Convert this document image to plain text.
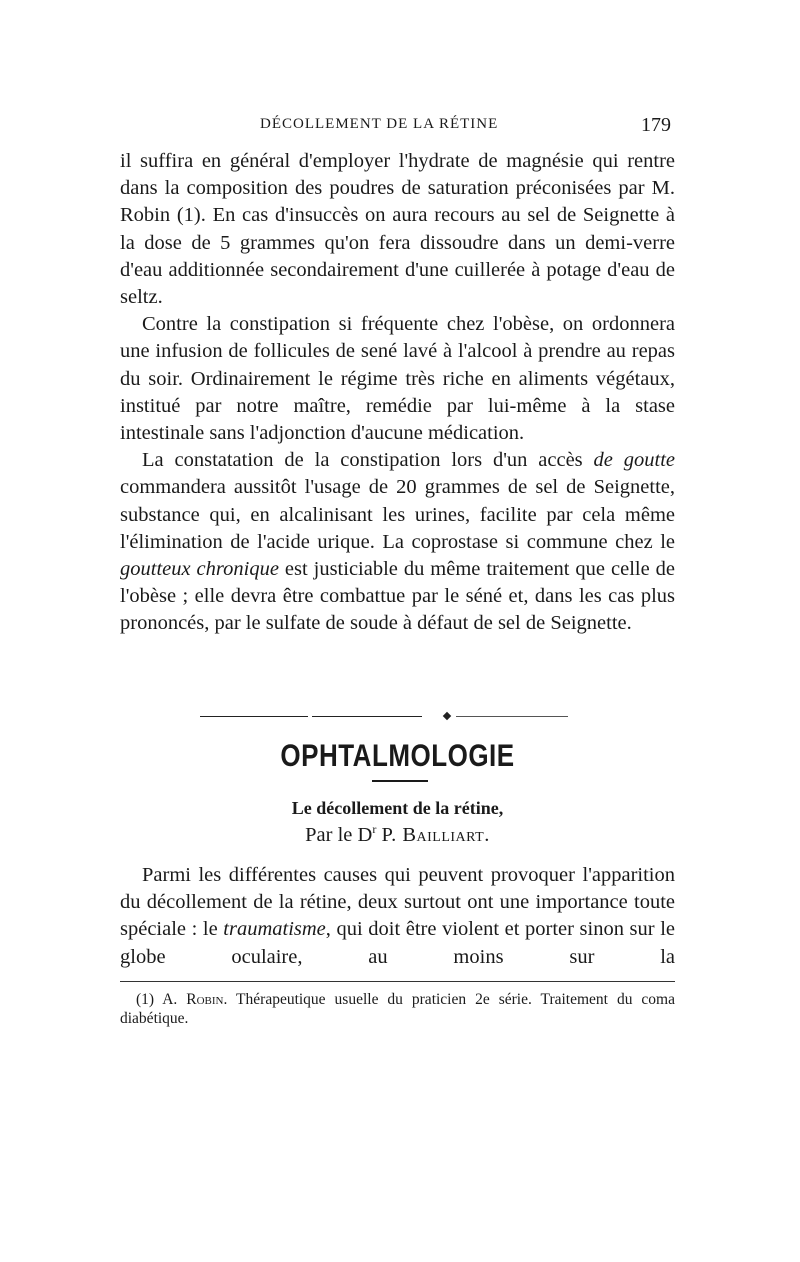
DÉCOLLEMENT DE LA RÉTINE	179

il suffira en général d'employer l'hydrate de magnésie qui rentre dans la composition des poudres de saturation préconisées par M. Robin (1). En cas d'insuccès on aura recours au sel de Seignette à la dose de 5 grammes qu'on fera dissoudre dans un demi-verre d'eau additionnée secondairement d'une cuillerée à potage d'eau de seltz.

Contre la constipation si fréquente chez l'obèse, on ordonnera une infusion de follicules de sené lavé à l'alcool à prendre au repas du soir. Ordinairement le régime très riche en aliments végétaux, institué par notre maître, remédie par lui-même à la stase intestinale sans l'adjonction d'aucune médication.

La constatation de la constipation lors d'un accès de goutte commandera aussitôt l'usage de 20 grammes de sel de Seignette, substance qui, en alcalinisant les urines, facilite par cela même l'élimination de l'acide urique. La coprostase si commune chez le goutteux chronique est justiciable du même traitement que celle de l'obèse ; elle devra être combattue par le séné et, dans les cas plus prononcés, par le sulfate de soude à défaut de sel de Seignette.

OPHTALMOLOGIE
Le décollement de la rétine,
Par le $D^r$ P. Bailliart.

Parmi les différentes causes qui peuvent provoquer l'apparition du décollement de la rétine, deux surtout ont une importance toute spéciale : le traumatisme, qui doit être violent et porter sinon sur le globe oculaire, au moins sur la

(1) A. Robin. Thérapeutique usuelle du praticien 2e série. Traitement du coma diabétique.
